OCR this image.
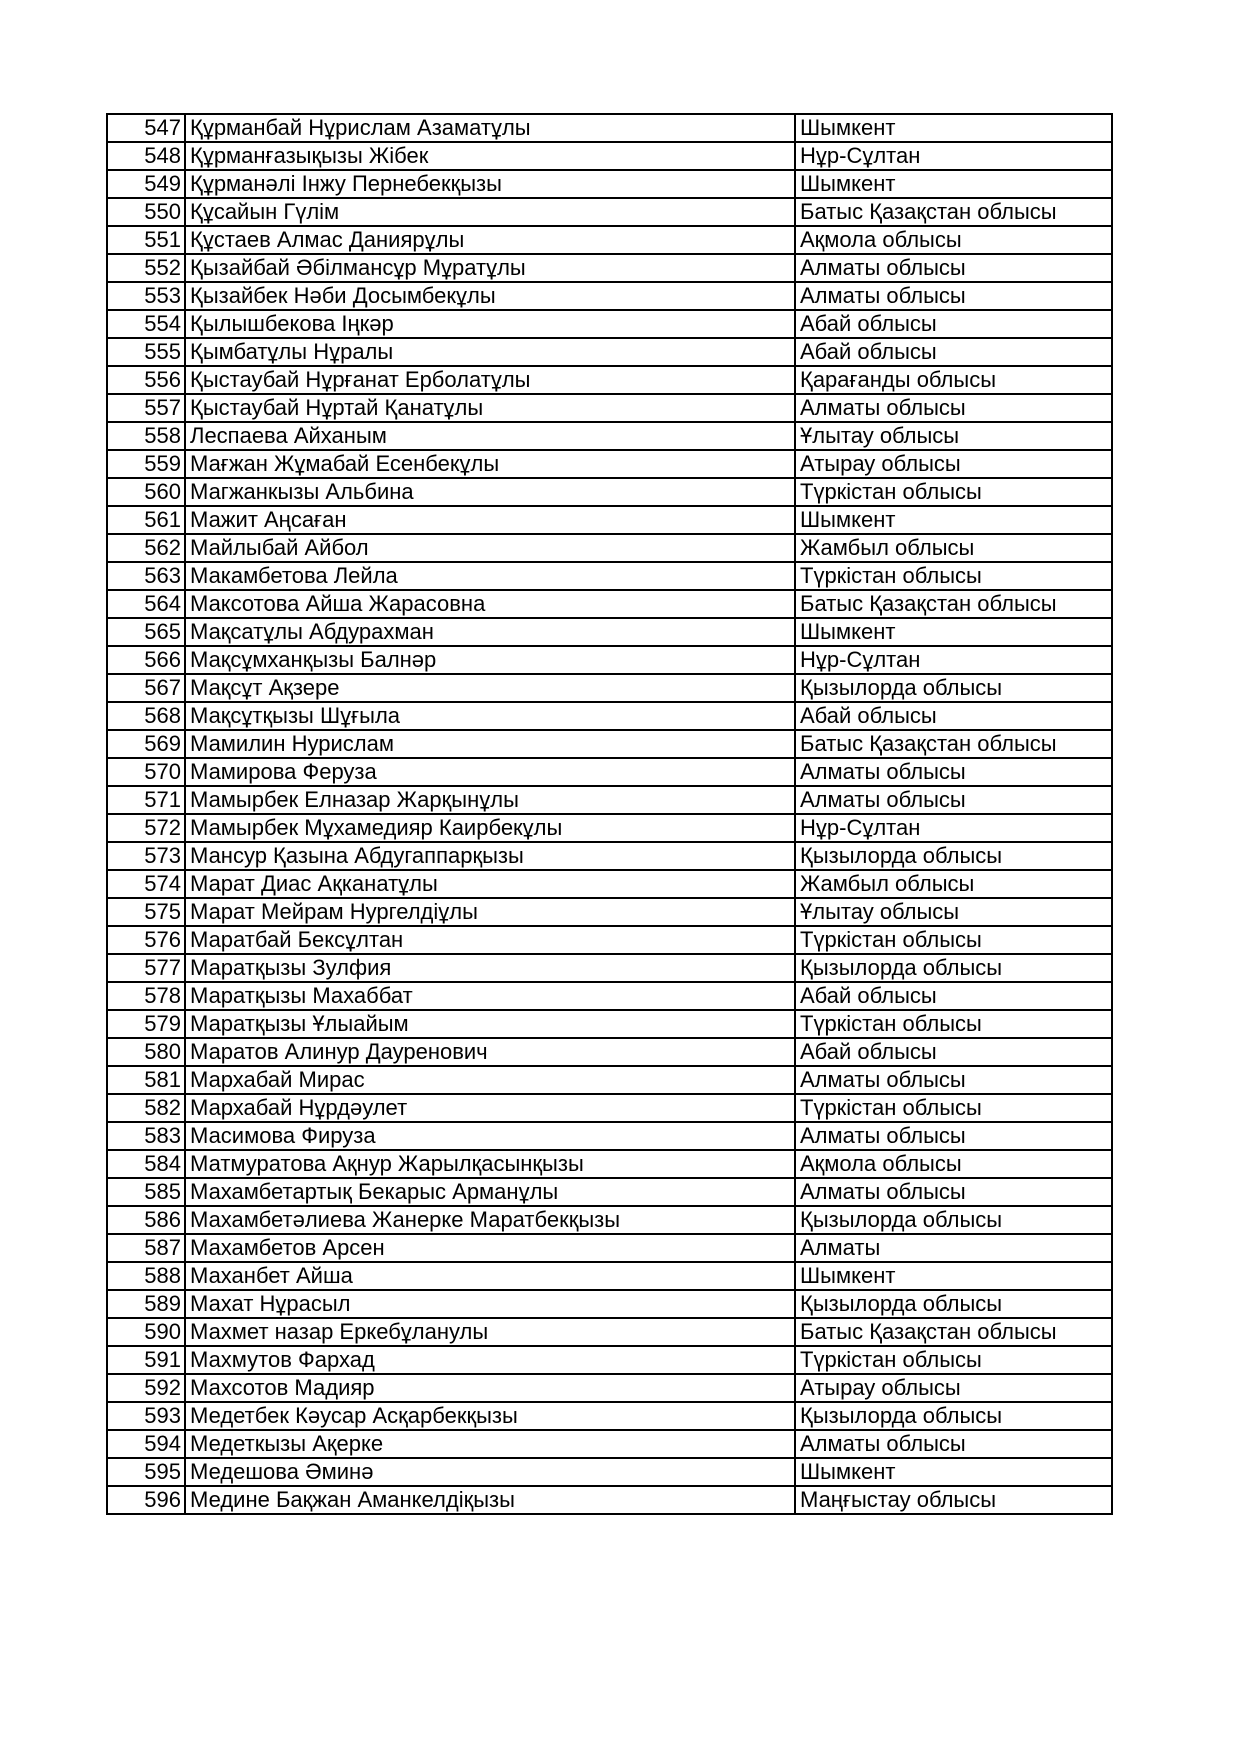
547	Құрманбай Нұрислам Азаматұлы	Шымкент
548	Құрманғазықызы Жібек	Нұр-Сұлтан
549	Құрманәлі Інжу Пернебекқызы	Шымкент
550	Құсайын Гүлім	Батыс Қазақстан облысы
551	Құстаев Алмас Даниярұлы	Ақмола облысы
552	Қызайбай Әбілмансұр Мұратұлы	Алматы облысы
553	Қызайбек Нәби Досымбекұлы	Алматы облысы
554	Қылышбекова Іңкәр	Абай облысы
555	Қымбатұлы Нұралы	Абай облысы
556	Қыстаубай Нұрғанат Ерболатұлы	Қарағанды облысы
557	Қыстаубай Нұртай Қанатұлы	Алматы облысы
558	Леспаева Айханым	Ұлытау облысы
559	Мағжан Жұмабай Есенбекұлы	Атырау облысы
560	Магжанкызы Альбина	Түркістан облысы
561	Мажит Аңсаған	Шымкент
562	Майлыбай Айбол	Жамбыл облысы
563	Макамбетова Лейла	Түркістан облысы
564	Максотова Айша Жарасовна	Батыс Қазақстан облысы
565	Мақсатұлы Абдурахман	Шымкент
566	Мақсұмханқызы Балнәр	Нұр-Сұлтан
567	Мақсұт Ақзере	Қызылорда облысы
568	Мақсұтқызы Шұғыла	Абай облысы
569	Мамилин Нурислам	Батыс Қазақстан облысы
570	Мамирова Феруза	Алматы облысы
571	Мамырбек Елназар Жарқынұлы	Алматы облысы
572	Мамырбек Мұхамедияр Каирбекұлы	Нұр-Сұлтан
573	Мансур Қазына Абдугаппарқызы	Қызылорда облысы
574	Марат Диас Ақканатұлы	Жамбыл облысы
575	Марат Мейрам Нургелдіұлы	Ұлытау облысы
576	Маратбай Бексұлтан	Түркістан облысы
577	Маратқызы Зулфия	Қызылорда облысы
578	Маратқызы Махаббат	Абай облысы
579	Маратқызы Ұлыайым	Түркістан облысы
580	Маратов Алинур Дауренович	Абай облысы
581	Мархабай Мирас	Алматы облысы
582	Мархабай Нұрдәулет	Түркістан облысы
583	Масимова Фируза	Алматы облысы
584	Матмуратова Ақнур Жарылқасынқызы	Ақмола облысы
585	Махамбетартық Бекарыс Арманұлы	Алматы облысы
586	Махамбетәлиева Жанерке Маратбекқызы	Қызылорда облысы
587	Махамбетов Арсен	Алматы
588	Маханбет Айша	Шымкент
589	Махат Нұрасыл	Қызылорда облысы
590	Махмет назар Еркебұланулы	Батыс Қазақстан облысы
591	Махмутов Фархад	Түркістан облысы
592	Махсотов Мадияр	Атырау облысы
593	Медетбек Кәусар Асқарбекқызы	Қызылорда облысы
594	Медеткызы Ақерке	Алматы облысы
595	Медешова Әминә	Шымкент
596	Медине Бақжан Аманкелдіқызы	Маңғыстау облысы
